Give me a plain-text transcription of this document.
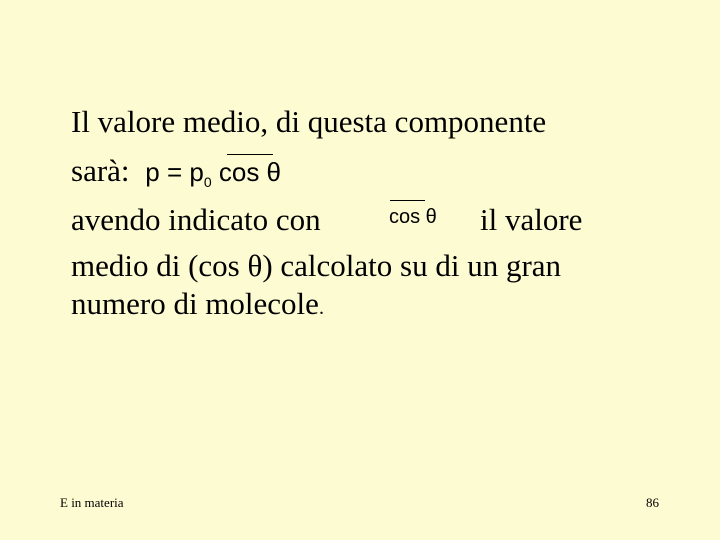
Il valore medio, di questa componente
sarà: $p = p_0$ cos θ
avendo indicato con	cos θ il valore
medio di (cos θ) calcolato su di un gran
numero di molecole.
E in materia	86
